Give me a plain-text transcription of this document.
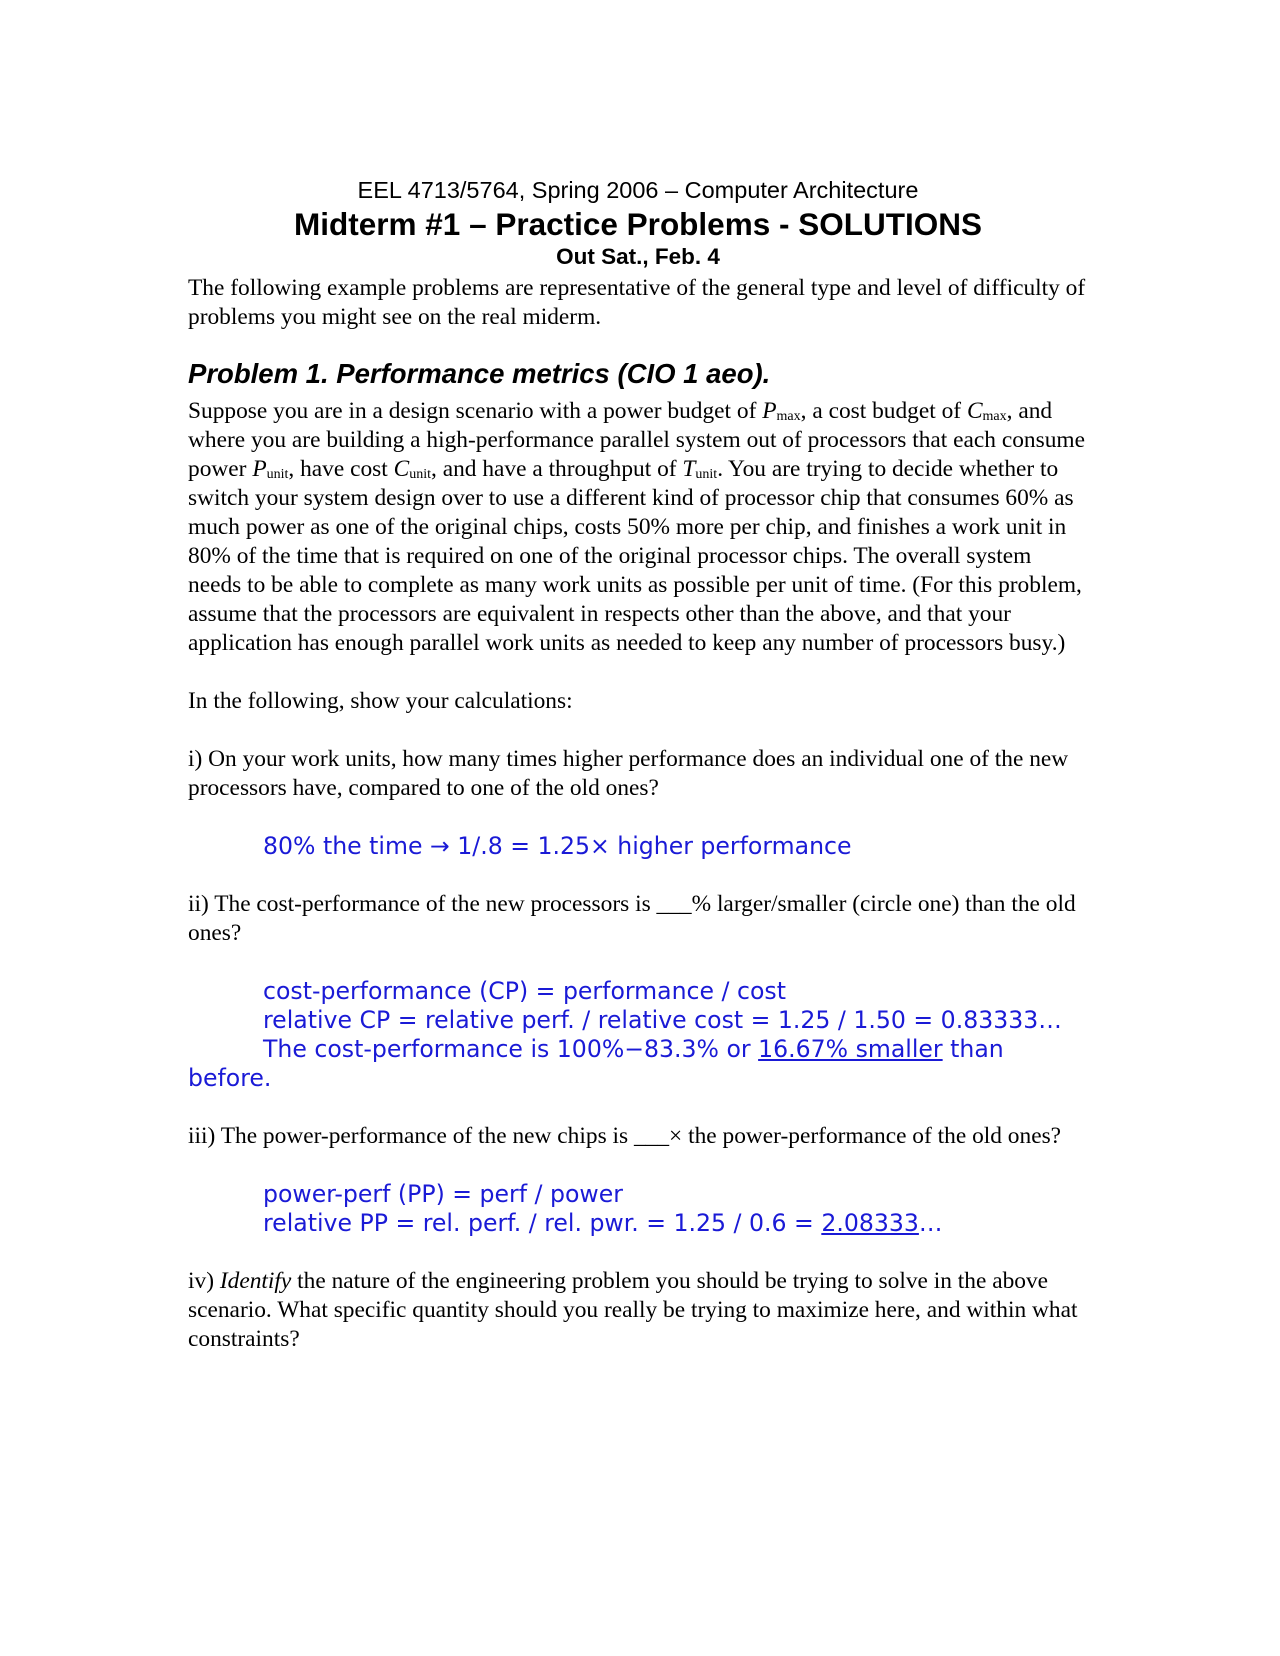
EEL 4713/5764, Spring 2006 – Computer Architecture

Midterm #1 – Practice Problems - SOLUTIONS

Out Sat., Feb. 4

The following example problems are representative of the general type and level of difficulty of problems you might see on the real miderm.

Problem 1. Performance metrics (CIO 1 aeo).

Suppose you are in a design scenario with a power budget of $P_{max}$, a cost budget of $C_{max}$, and where you are building a high-performance parallel system out of processors that each consume power $P_{unit}$, have cost $C_{unit}$, and have a throughput of $T_{unit}$. You are trying to decide whether to switch your system design over to use a different kind of processor chip that consumes 60% as much power as one of the original chips, costs 50% more per chip, and finishes a work unit in 80% of the time that is required on one of the original processor chips. The overall system needs to be able to complete as many work units as possible per unit of time. (For this problem, assume that the processors are equivalent in respects other than the above, and that your application has enough parallel work units as needed to keep any number of processors busy.)

In the following, show your calculations:

i) On your work units, how many times higher performance does an individual one of the new processors have, compared to one of the old ones?

80% the time → 1/.8 = 1.25× higher performance

ii) The cost-performance of the new processors is ___% larger/smaller (circle one) than the old ones?

cost-performance (CP) = performance / cost

relative CP = relative perf. / relative cost = 1.25 / 1.50 = 0.83333…

The cost-performance is 100%−83.3% or 16.67% smaller than before.

iii) The power-performance of the new chips is ___× the power-performance of the old ones?

power-perf (PP) = perf / power

relative PP = rel. perf. / rel. pwr. = 1.25 / 0.6 = 2.08333…

iv) Identify the nature of the engineering problem you should be trying to solve in the above scenario. What specific quantity should you really be trying to maximize here, and within what constraints?
